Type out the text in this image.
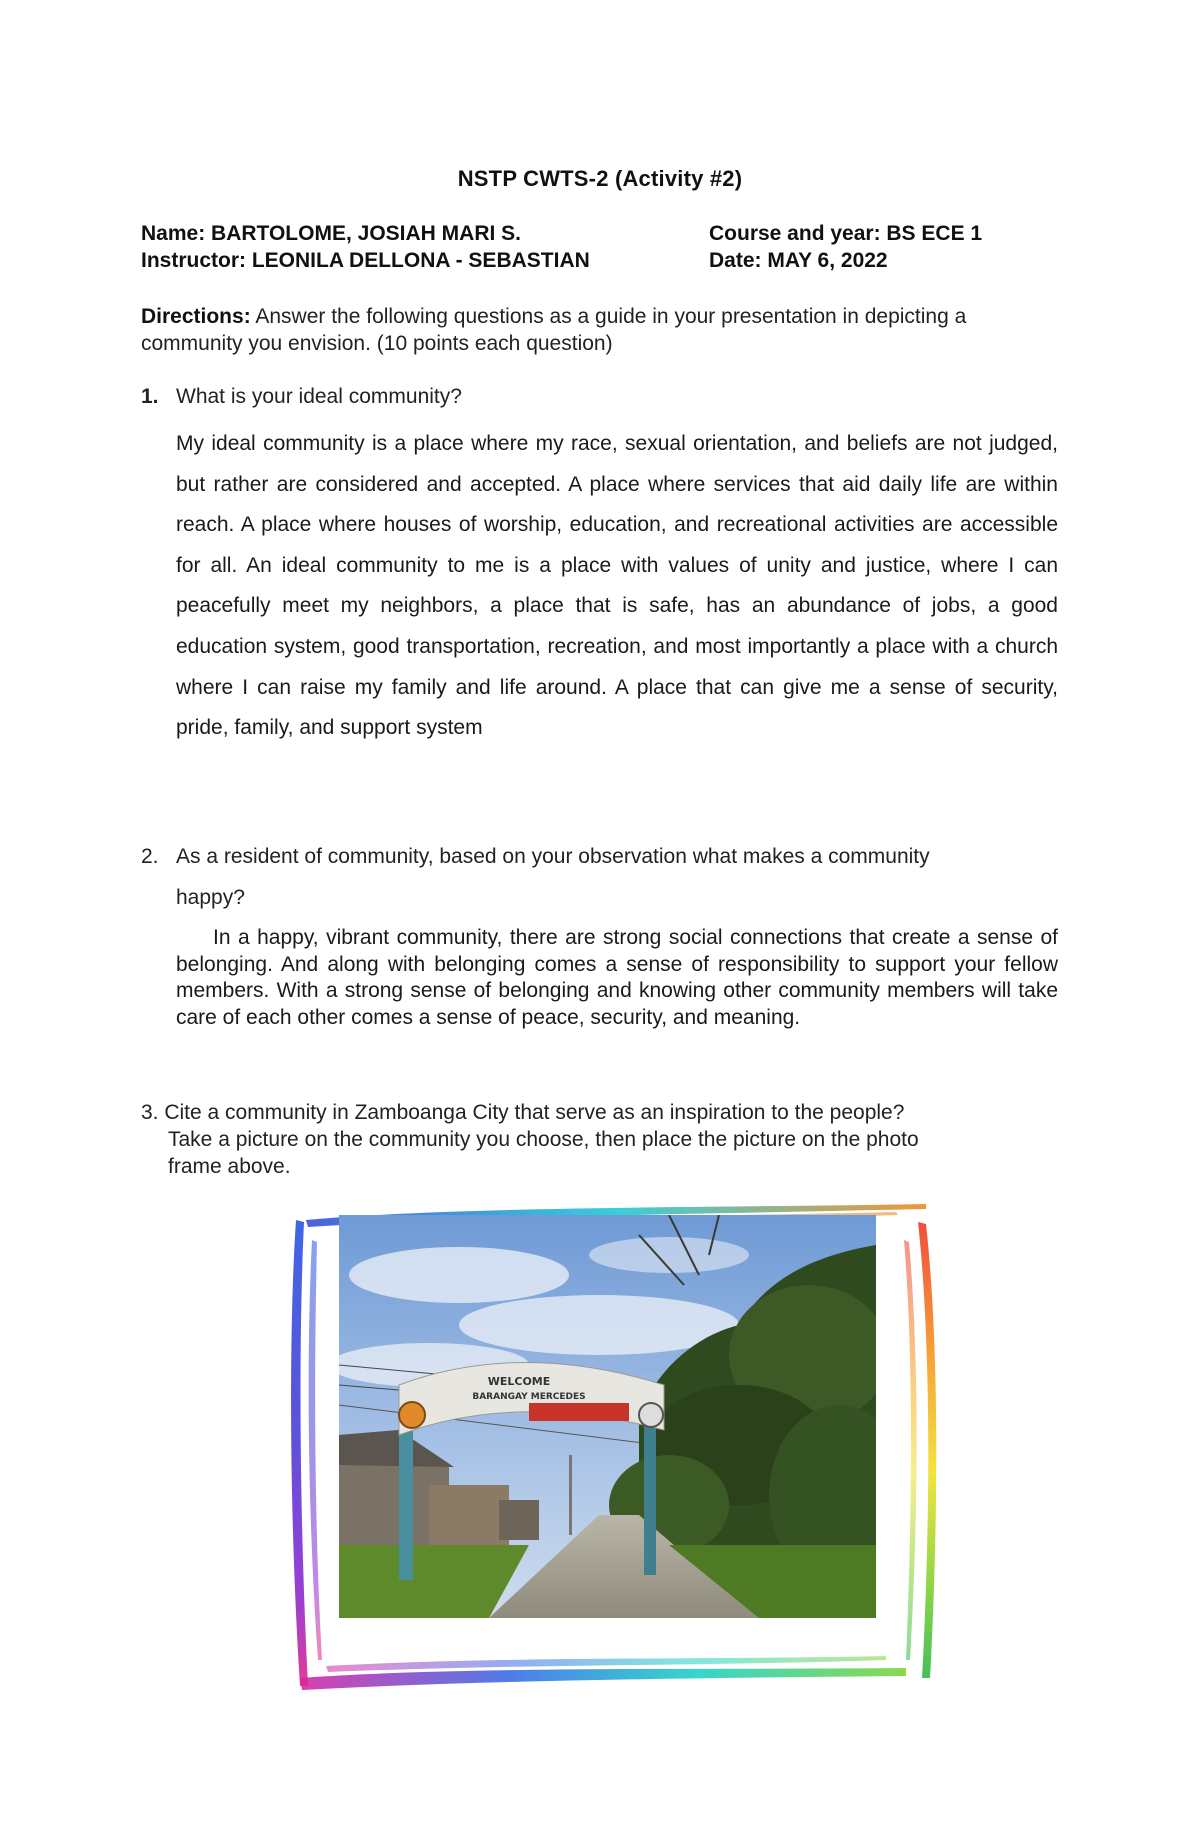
NSTP CWTS-2 (Activity #2)
Name: BARTOLOME, JOSIAH MARI S.	Course and year: BS ECE 1
Instructor: LEONILA DELLONA - SEBASTIAN	Date: MAY 6, 2022
Directions: Answer the following questions as a guide in your presentation in depicting a community you envision. (10 points each question)
1. What is your ideal community?
My ideal community is a place where my race, sexual orientation, and beliefs are not judged, but rather are considered and accepted. A place where services that aid daily life are within reach. A place where houses of worship, education, and recreational activities are accessible for all. An ideal community to me is a place with values of unity and justice, where I can peacefully meet my neighbors, a place that is safe, has an abundance of jobs, a good education system, good transportation, recreation, and most importantly a place with a church where I can raise my family and life around. A place that can give me a sense of security, pride, family, and support system
2. As a resident of community, based on your observation what makes a community
happy?
In a happy, vibrant community, there are strong social connections that create a sense of belonging. And along with belonging comes a sense of responsibility to support your fellow members. With a strong sense of belonging and knowing other community members will take care of each other comes a sense of peace, security, and meaning.
3. Cite a community in Zamboanga City that serve as an inspiration to the people?
Take a picture on the community you choose, then place the picture on the photo
frame above.
WELCOME
BARANGAY MERCEDES
